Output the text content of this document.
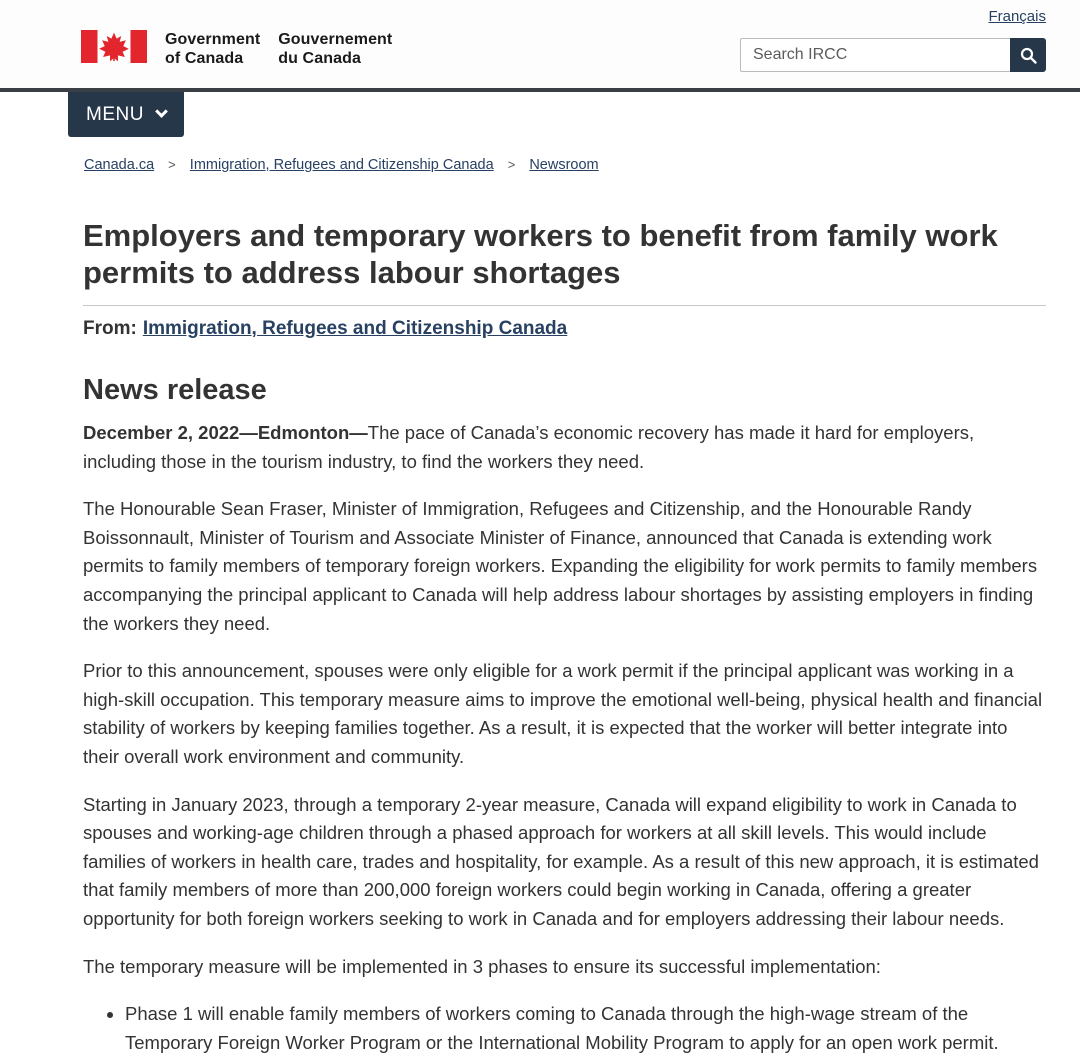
Français
Government
of Canada
Gouvernement
du Canada
Search IRCC
MENU
Canada.ca > Immigration, Refugees and Citizenship Canada > Newsroom
Employers and temporary workers to benefit from family work permits to address labour shortages

From: Immigration, Refugees and Citizenship Canada

News release

December 2, 2022—Edmonton—The pace of Canada’s economic recovery has made it hard for employers, including those in the tourism industry, to find the workers they need.

The Honourable Sean Fraser, Minister of Immigration, Refugees and Citizenship, and the Honourable Randy Boissonnault, Minister of Tourism and Associate Minister of Finance, announced that Canada is extending work permits to family members of temporary foreign workers. Expanding the eligibility for work permits to family members accompanying the principal applicant to Canada will help address labour shortages by assisting employers in finding the workers they need.

Prior to this announcement, spouses were only eligible for a work permit if the principal applicant was working in a high-skill occupation. This temporary measure aims to improve the emotional well-being, physical health and financial stability of workers by keeping families together. As a result, it is expected that the worker will better integrate into their overall work environment and community.

Starting in January 2023, through a temporary 2-year measure, Canada will expand eligibility to work in Canada to spouses and working-age children through a phased approach for workers at all skill levels. This would include families of workers in health care, trades and hospitality, for example. As a result of this new approach, it is estimated that family members of more than 200,000 foreign workers could begin working in Canada, offering a greater opportunity for both foreign workers seeking to work in Canada and for employers addressing their labour needs.

The temporary measure will be implemented in 3 phases to ensure its successful implementation:

• Phase 1 will enable family members of workers coming to Canada through the high-wage stream of the Temporary Foreign Worker Program or the International Mobility Program to apply for an open work permit.
